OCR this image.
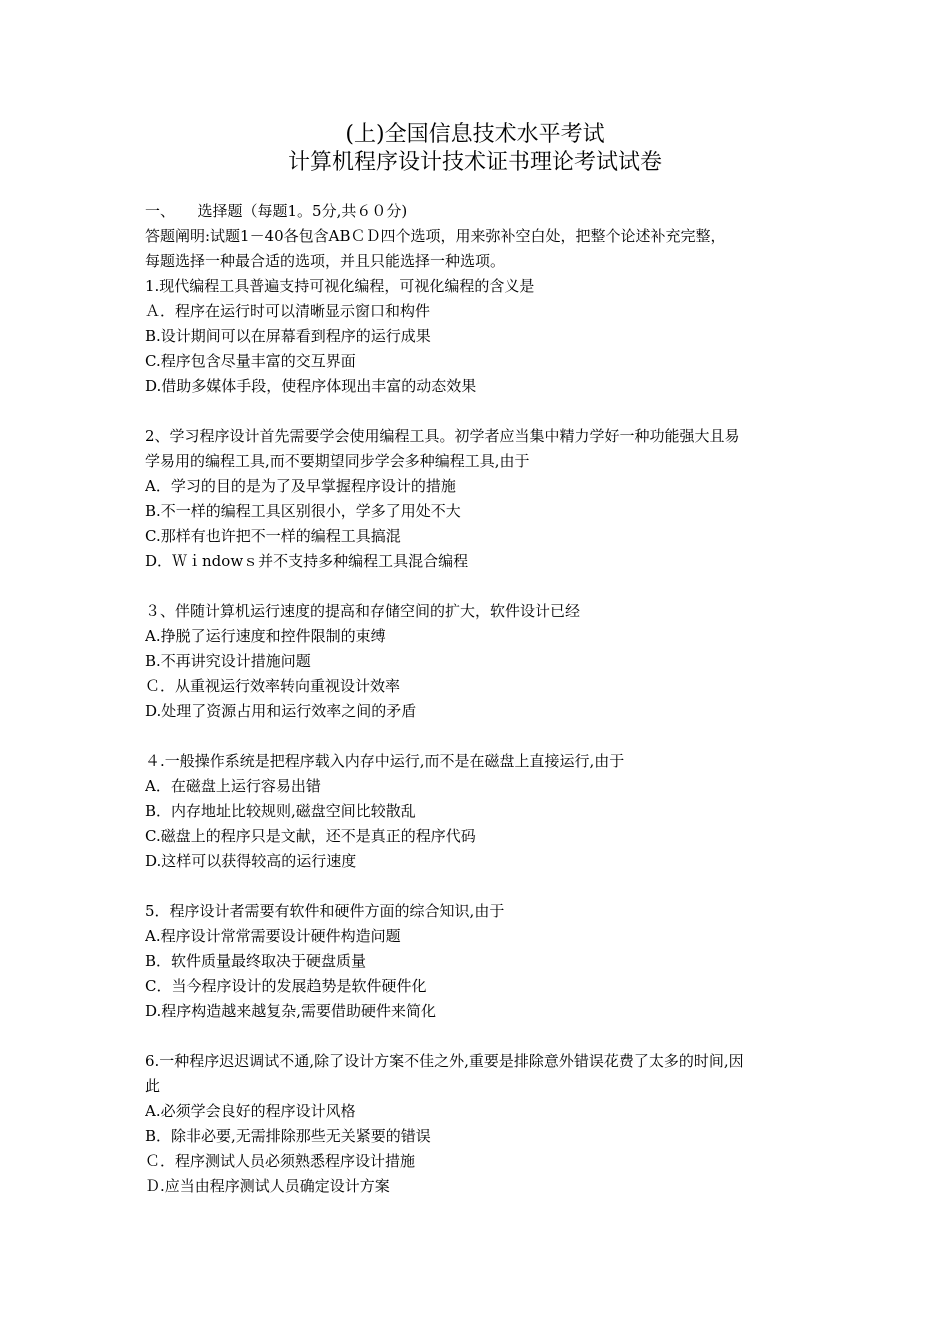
(上)全国信息技术水平考试
计算机程序设计技术证书理论考试试卷
一、　　选择题（每题1。5分,共６０分)
答题阐明:试题1－40各包含ABＣＤ四个选项，用来弥补空白处，把整个论述补充完整，
每题选择一种最合适的选项，并且只能选择一种选项。
1.现代编程工具普遍支持可视化编程，可视化编程的含义是
Ａ．程序在运行时可以清晰显示窗口和构件
B.设计期间可以在屏幕看到程序的运行成果
C.程序包含尽量丰富的交互界面
D.借助多媒体手段，使程序体现出丰富的动态效果
2、学习程序设计首先需要学会使用编程工具。初学者应当集中精力学好一种功能强大且易
学易用的编程工具,而不要期望同步学会多种编程工具,由于
A．学习的目的是为了及早掌握程序设计的措施
B.不一样的编程工具区别很小，学多了用处不大
C.那样有也许把不一样的编程工具搞混
D．Ｗｉndowｓ并不支持多种编程工具混合编程
３、伴随计算机运行速度的提高和存储空间的扩大，软件设计已经
A.挣脱了运行速度和控件限制的束缚
B.不再讲究设计措施问题
Ｃ．从重视运行效率转向重视设计效率
D.处理了资源占用和运行效率之间的矛盾
４.一般操作系统是把程序载入内存中运行,而不是在磁盘上直接运行,由于
A．在磁盘上运行容易出错
B．内存地址比较规则,磁盘空间比较散乱
C.磁盘上的程序只是文献，还不是真正的程序代码
D.这样可以获得较高的运行速度
5．程序设计者需要有软件和硬件方面的综合知识,由于
A.程序设计常常需要设计硬件构造问题
B．软件质量最终取决于硬盘质量
C．当今程序设计的发展趋势是软件硬件化
D.程序构造越来越复杂,需要借助硬件来简化
6.一种程序迟迟调试不通,除了设计方案不佳之外,重要是排除意外错误花费了太多的时间,因
此
A.必须学会良好的程序设计风格
B．除非必要,无需排除那些无关紧要的错误
Ｃ．程序测试人员必须熟悉程序设计措施
Ｄ.应当由程序测试人员确定设计方案
